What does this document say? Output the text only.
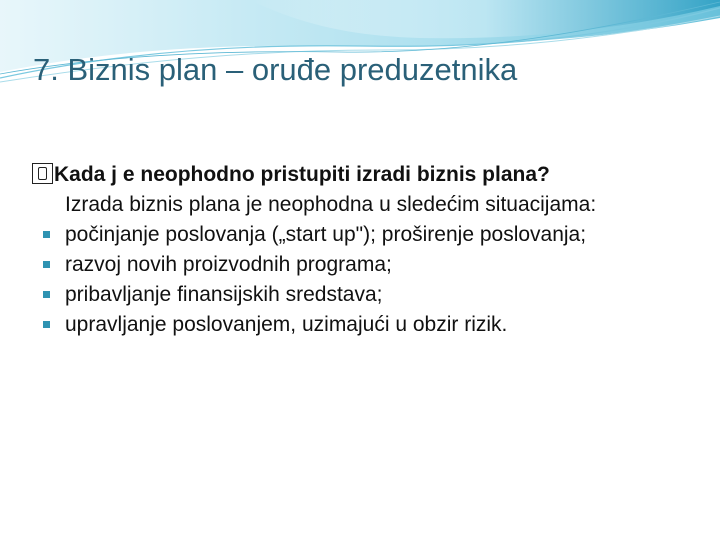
7. Biznis plan – oruđe preduzetnika
Kada j e neophodno pristupiti izradi biznis plana?
Izrada biznis plana je neophodna u sledećim situacijama:
počinjanje poslovanja („start up"); proširenje poslovanja;
razvoj novih proizvodnih programa;
pribavljanje finansijskih sredstava;
upravljanje poslovanjem, uzimajući u obzir rizik.
